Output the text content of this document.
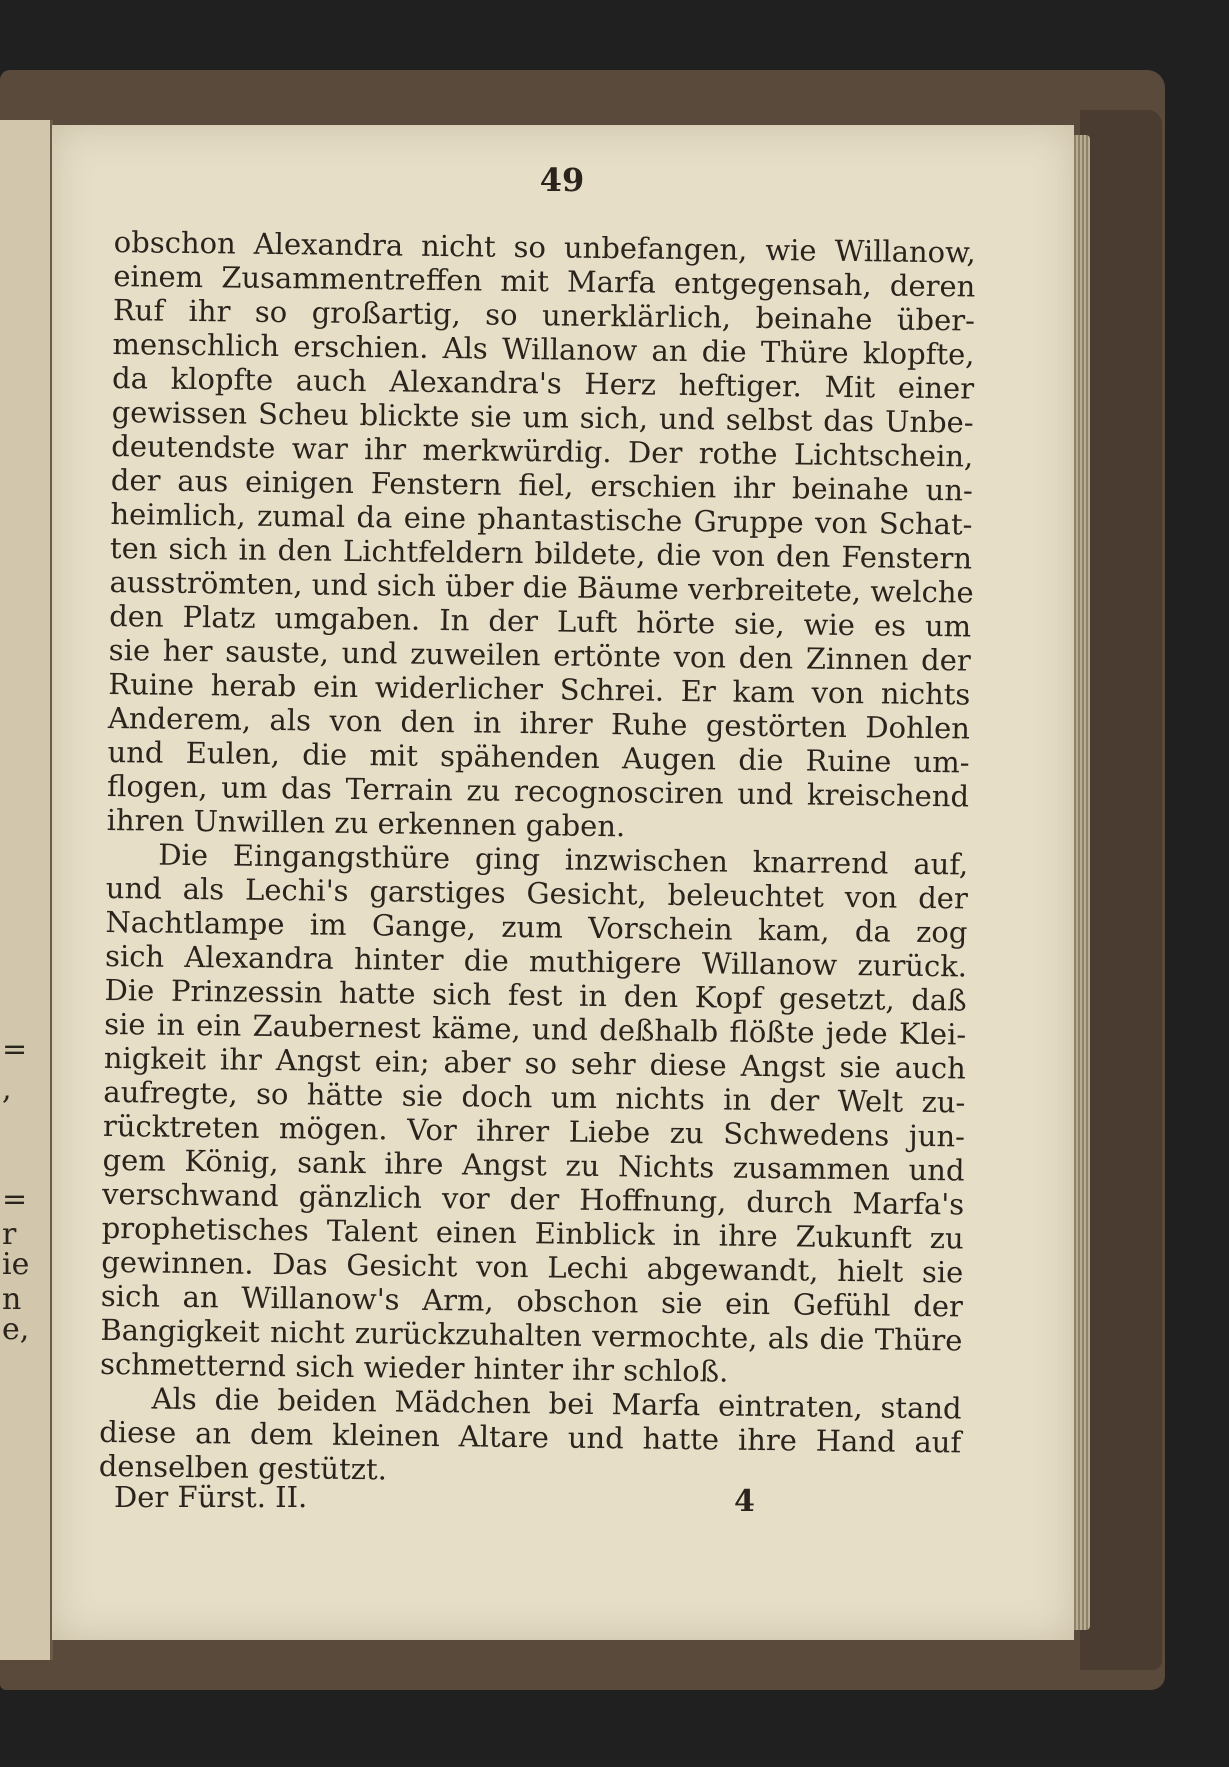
=
,
=
r
ie
n
e,
49
obschon Alexandra nicht so unbefangen, wie Willanow,
einem Zusammentreffen mit Marfa entgegensah, deren
Ruf ihr so großartig, so unerklärlich, beinahe über-
menschlich erschien. Als Willanow an die Thüre klopfte,
da klopfte auch Alexandra's Herz heftiger. Mit einer
gewissen Scheu blickte sie um sich, und selbst das Unbe-
deutendste war ihr merkwürdig. Der rothe Lichtschein,
der aus einigen Fenstern fiel, erschien ihr beinahe un-
heimlich, zumal da eine phantastische Gruppe von Schat-
ten sich in den Lichtfeldern bildete, die von den Fenstern
ausströmten, und sich über die Bäume verbreitete, welche
den Platz umgaben. In der Luft hörte sie, wie es um
sie her sauste, und zuweilen ertönte von den Zinnen der
Ruine herab ein widerlicher Schrei. Er kam von nichts
Anderem, als von den in ihrer Ruhe gestörten Dohlen
und Eulen, die mit spähenden Augen die Ruine um-
flogen, um das Terrain zu recognosciren und kreischend
ihren Unwillen zu erkennen gaben.
Die Eingangsthüre ging inzwischen knarrend auf,
und als Lechi's garstiges Gesicht, beleuchtet von der
Nachtlampe im Gange, zum Vorschein kam, da zog
sich Alexandra hinter die muthigere Willanow zurück.
Die Prinzessin hatte sich fest in den Kopf gesetzt, daß
sie in ein Zaubernest käme, und deßhalb flößte jede Klei-
nigkeit ihr Angst ein; aber so sehr diese Angst sie auch
aufregte, so hätte sie doch um nichts in der Welt zu-
rücktreten mögen. Vor ihrer Liebe zu Schwedens jun-
gem König, sank ihre Angst zu Nichts zusammen und
verschwand gänzlich vor der Hoffnung, durch Marfa's
prophetisches Talent einen Einblick in ihre Zukunft zu
gewinnen. Das Gesicht von Lechi abgewandt, hielt sie
sich an Willanow's Arm, obschon sie ein Gefühl der
Bangigkeit nicht zurückzuhalten vermochte, als die Thüre
schmetternd sich wieder hinter ihr schloß.
Als die beiden Mädchen bei Marfa eintraten, stand
diese an dem kleinen Altare und hatte ihre Hand auf
denselben gestützt.
Der Fürst. II.	4
